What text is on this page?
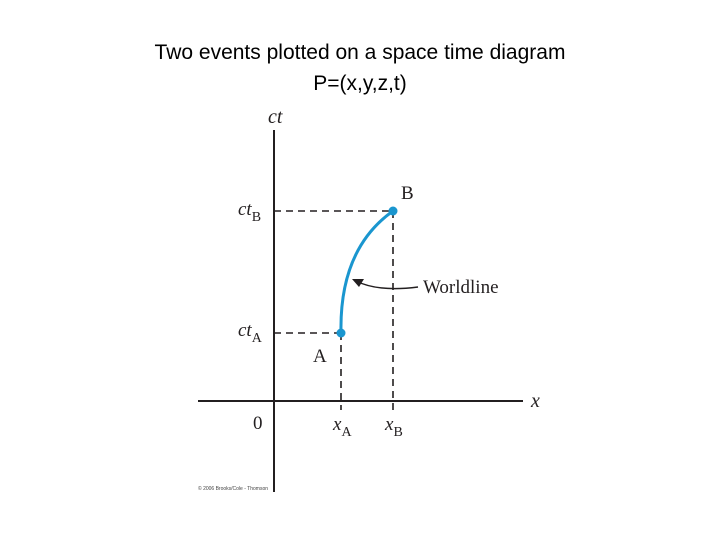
Two events plotted on a space time diagram
P=(x,y,z,t)
ct
x
0
ctB
ctA
xA xB
A
B
Worldline
© 2006 Brooks/Cole - Thomson
